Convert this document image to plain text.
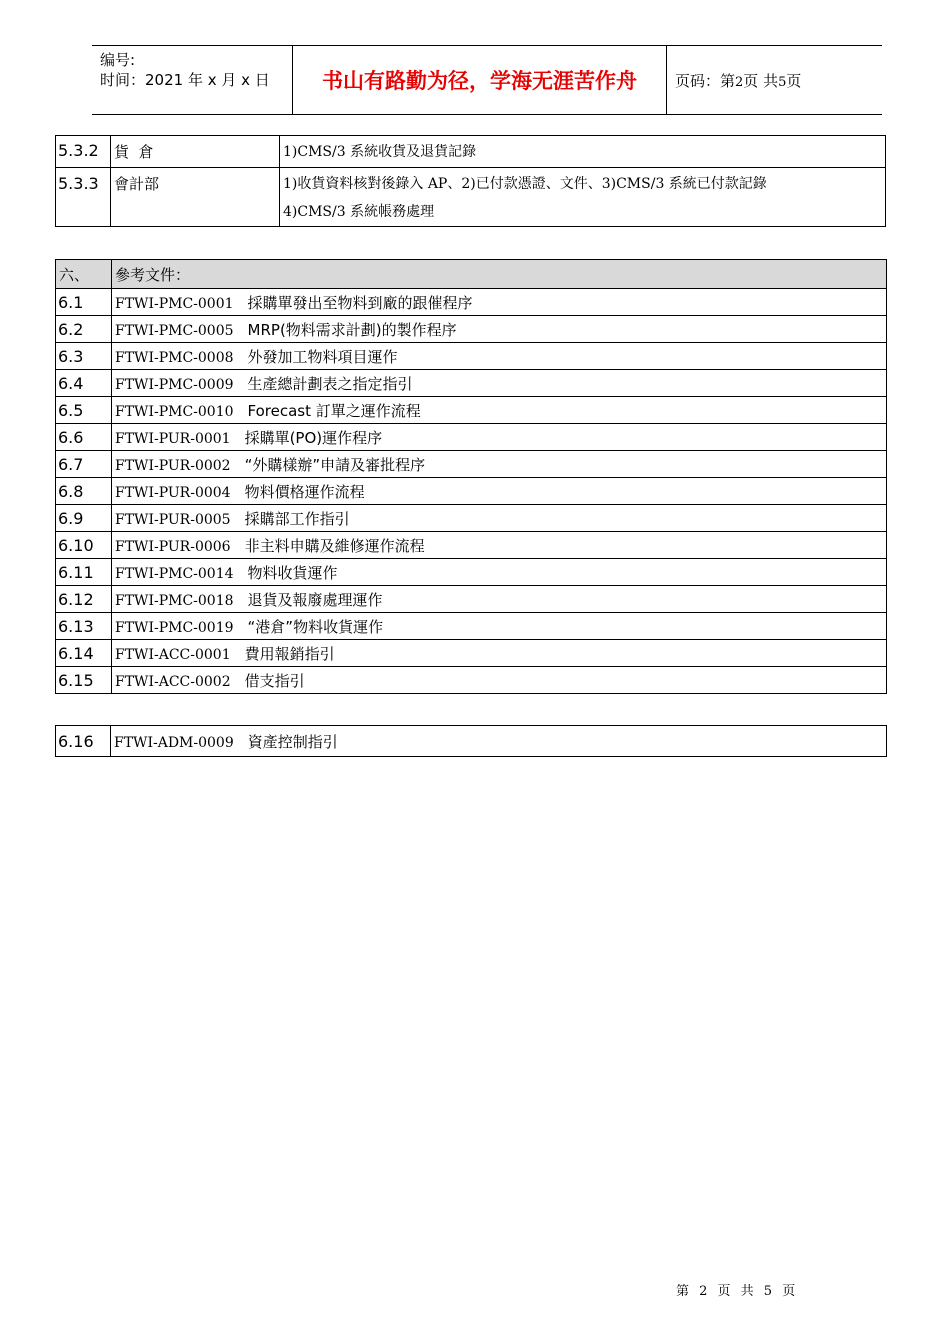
编号:
时间：2021 年 x 月 x 日	书山有路勤为径，学海无涯苦作舟	页码：第2页 共5页
5.3.2	貨  倉	1)CMS/3 系統收貨及退貨記錄
5.3.3	會計部	1)收貨資料核對後錄入 AP、2)已付款憑證、文件、3)CMS/3 系統已付款記錄
4)CMS/3 系統帳務處理
六、	參考文件：
6.1	FTWI-PMC-0001 採購單發出至物料到廠的跟催程序
6.2	FTWI-PMC-0005 MRP(物料需求計劃)的製作程序
6.3	FTWI-PMC-0008 外發加工物料項目運作
6.4	FTWI-PMC-0009 生產總計劃表之指定指引
6.5	FTWI-PMC-0010 Forecast 訂單之運作流程
6.6	FTWI-PUR-0001 採購單(PO)運作程序
6.7	FTWI-PUR-0002 “外購樣辦”申請及審批程序
6.8	FTWI-PUR-0004 物料價格運作流程
6.9	FTWI-PUR-0005 採購部工作指引
6.10	FTWI-PUR-0006 非主料申購及維修運作流程
6.11	FTWI-PMC-0014 物料收貨運作
6.12	FTWI-PMC-0018 退貨及報廢處理運作
6.13	FTWI-PMC-0019 “港倉”物料收貨運作
6.14	FTWI-ACC-0001 費用報銷指引
6.15	FTWI-ACC-0002 借支指引
6.16	FTWI-ADM-0009 資產控制指引
第 2 页 共 5 页
